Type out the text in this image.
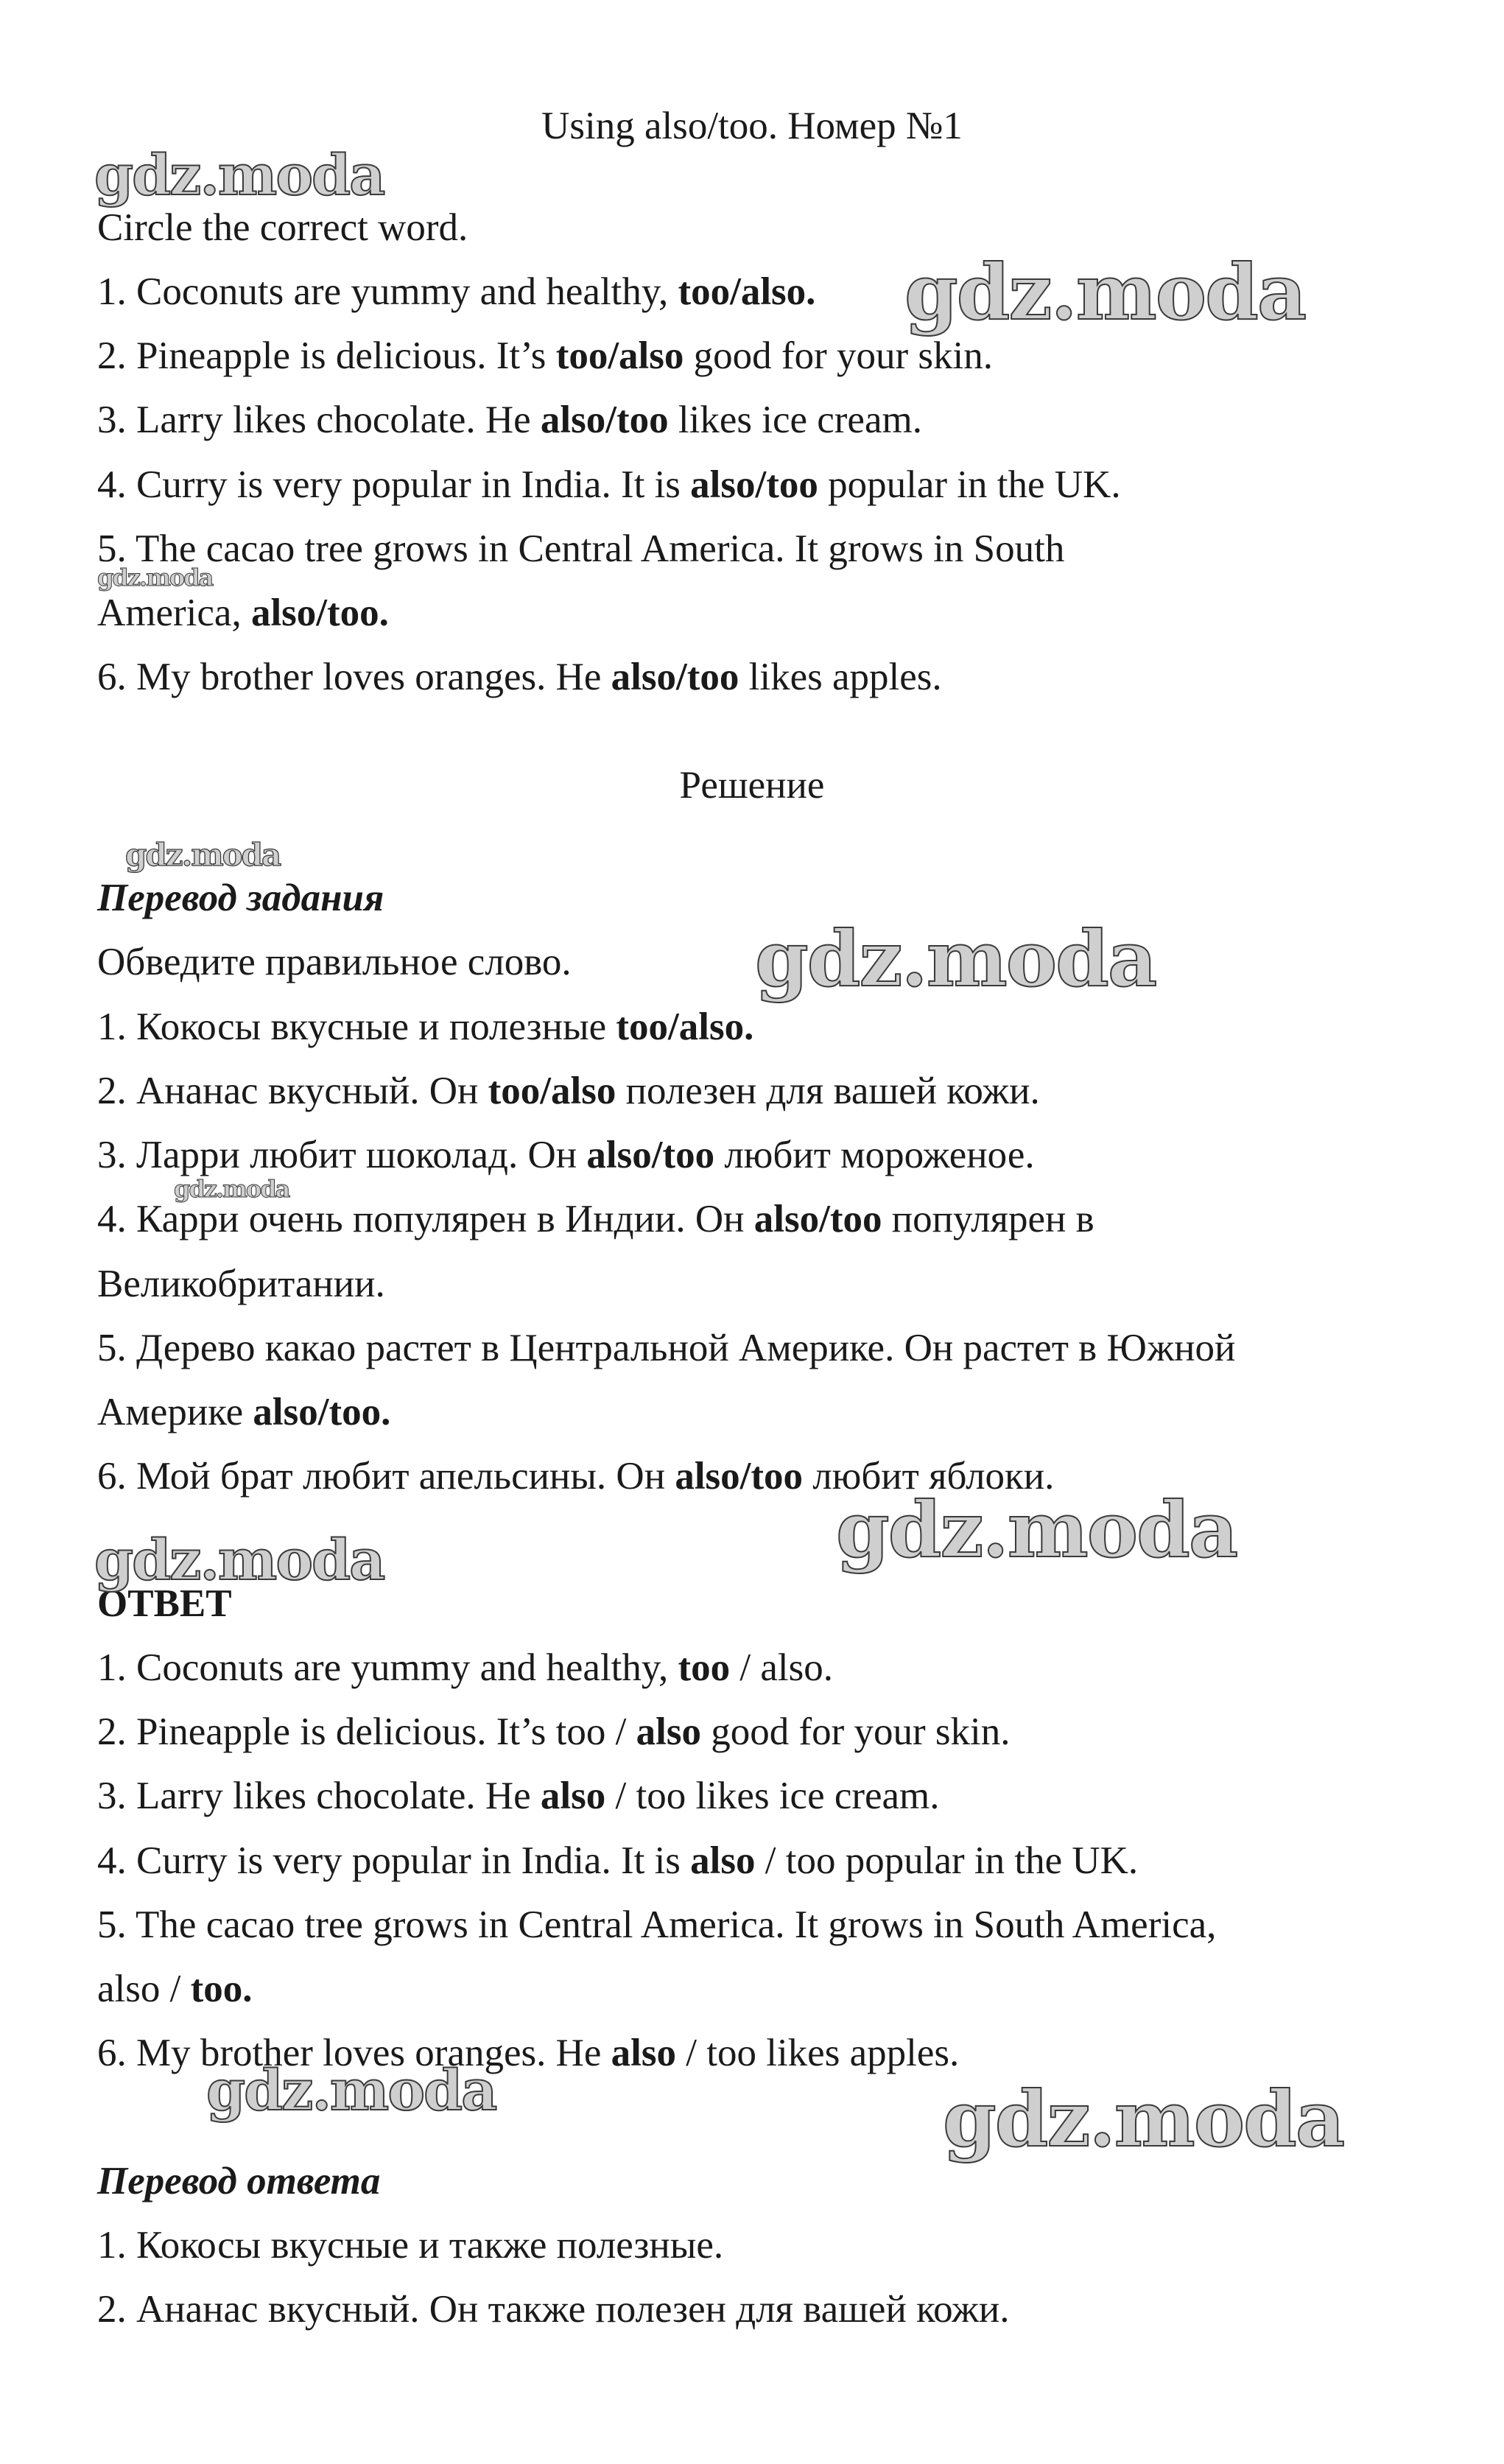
Using also/too. Номер №1
Circle the correct word.
1. Coconuts are yummy and healthy, too/also.
2. Pineapple is delicious. It’s too/also good for your skin.
3. Larry likes chocolate. He also/too likes ice cream.
4. Curry is very popular in India. It is also/too popular in the UK.
5. The cacao tree grows in Central America. It grows in South
America, also/too.
6. My brother loves oranges. He also/too likes apples.
Решение
Перевод задания
Обведите правильное слово.
1. Кокосы вкусные и полезные too/also.
2. Ананас вкусный. Он too/also полезен для вашей кожи.
3. Ларри любит шоколад. Он also/too любит мороженое.
4. Карри очень популярен в Индии. Он also/too популярен в
Великобритании.
5. Дерево какао растет в Центральной Америке. Он растет в Южной
Америке also/too.
6. Мой брат любит апельсины. Он also/too любит яблоки.
ОТВЕТ
1. Coconuts are yummy and healthy, too / also.
2. Pineapple is delicious. It’s too / also good for your skin.
3. Larry likes chocolate. He also / too likes ice cream.
4. Curry is very popular in India. It is also / too popular in the UK.
5. The cacao tree grows in Central America. It grows in South America,
also / too.
6. My brother loves oranges. He also / too likes apples.
Перевод ответа
1. Кокосы вкусные и также полезные.
2. Ананас вкусный. Он также полезен для вашей кожи.
gdz.moda
gdz.moda
gdz.moda
gdz.moda
gdz.moda
gdz.moda
gdz.moda
gdz.moda
gdz.moda	gdz.moda
